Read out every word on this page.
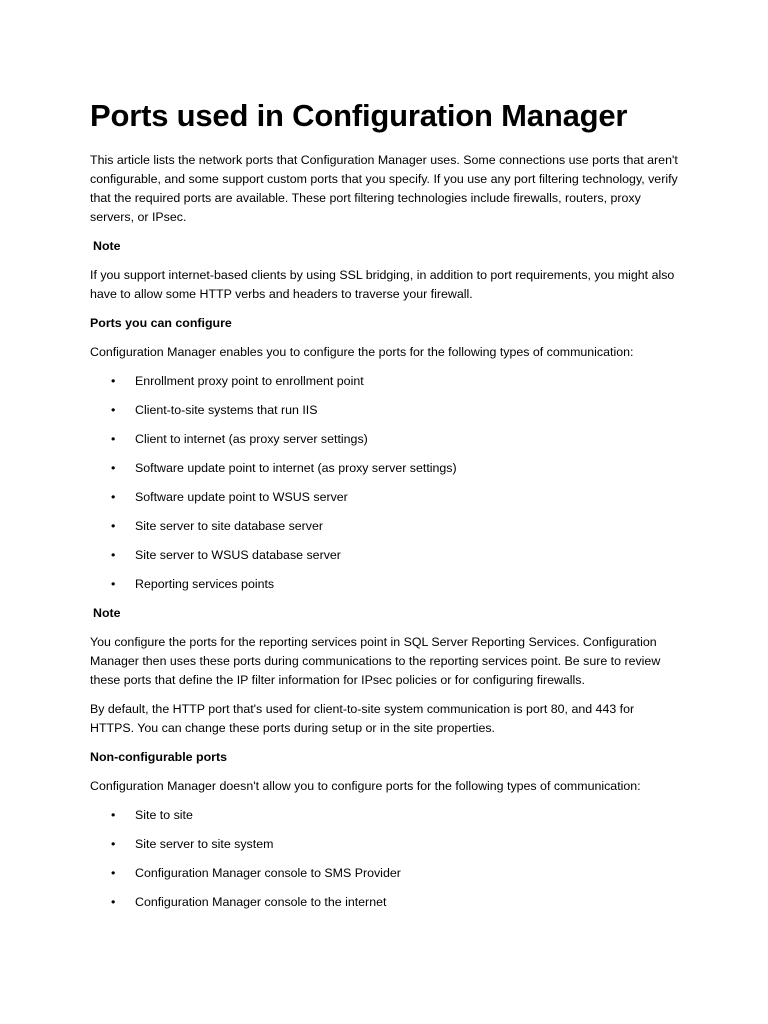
Ports used in Configuration Manager

This article lists the network ports that Configuration Manager uses. Some connections use ports that aren't configurable, and some support custom ports that you specify. If you use any port filtering technology, verify that the required ports are available. These port filtering technologies include firewalls, routers, proxy servers, or IPsec.

Note

If you support internet-based clients by using SSL bridging, in addition to port requirements, you might also have to allow some HTTP verbs and headers to traverse your firewall.

Ports you can configure

Configuration Manager enables you to configure the ports for the following types of communication:

• Enrollment proxy point to enrollment point
• Client-to-site systems that run IIS
• Client to internet (as proxy server settings)
• Software update point to internet (as proxy server settings)
• Software update point to WSUS server
• Site server to site database server
• Site server to WSUS database server
• Reporting services points

Note

You configure the ports for the reporting services point in SQL Server Reporting Services. Configuration Manager then uses these ports during communications to the reporting services point. Be sure to review these ports that define the IP filter information for IPsec policies or for configuring firewalls.

By default, the HTTP port that's used for client-to-site system communication is port 80, and 443 for HTTPS. You can change these ports during setup or in the site properties.

Non-configurable ports

Configuration Manager doesn't allow you to configure ports for the following types of communication:

• Site to site
• Site server to site system
• Configuration Manager console to SMS Provider
• Configuration Manager console to the internet
